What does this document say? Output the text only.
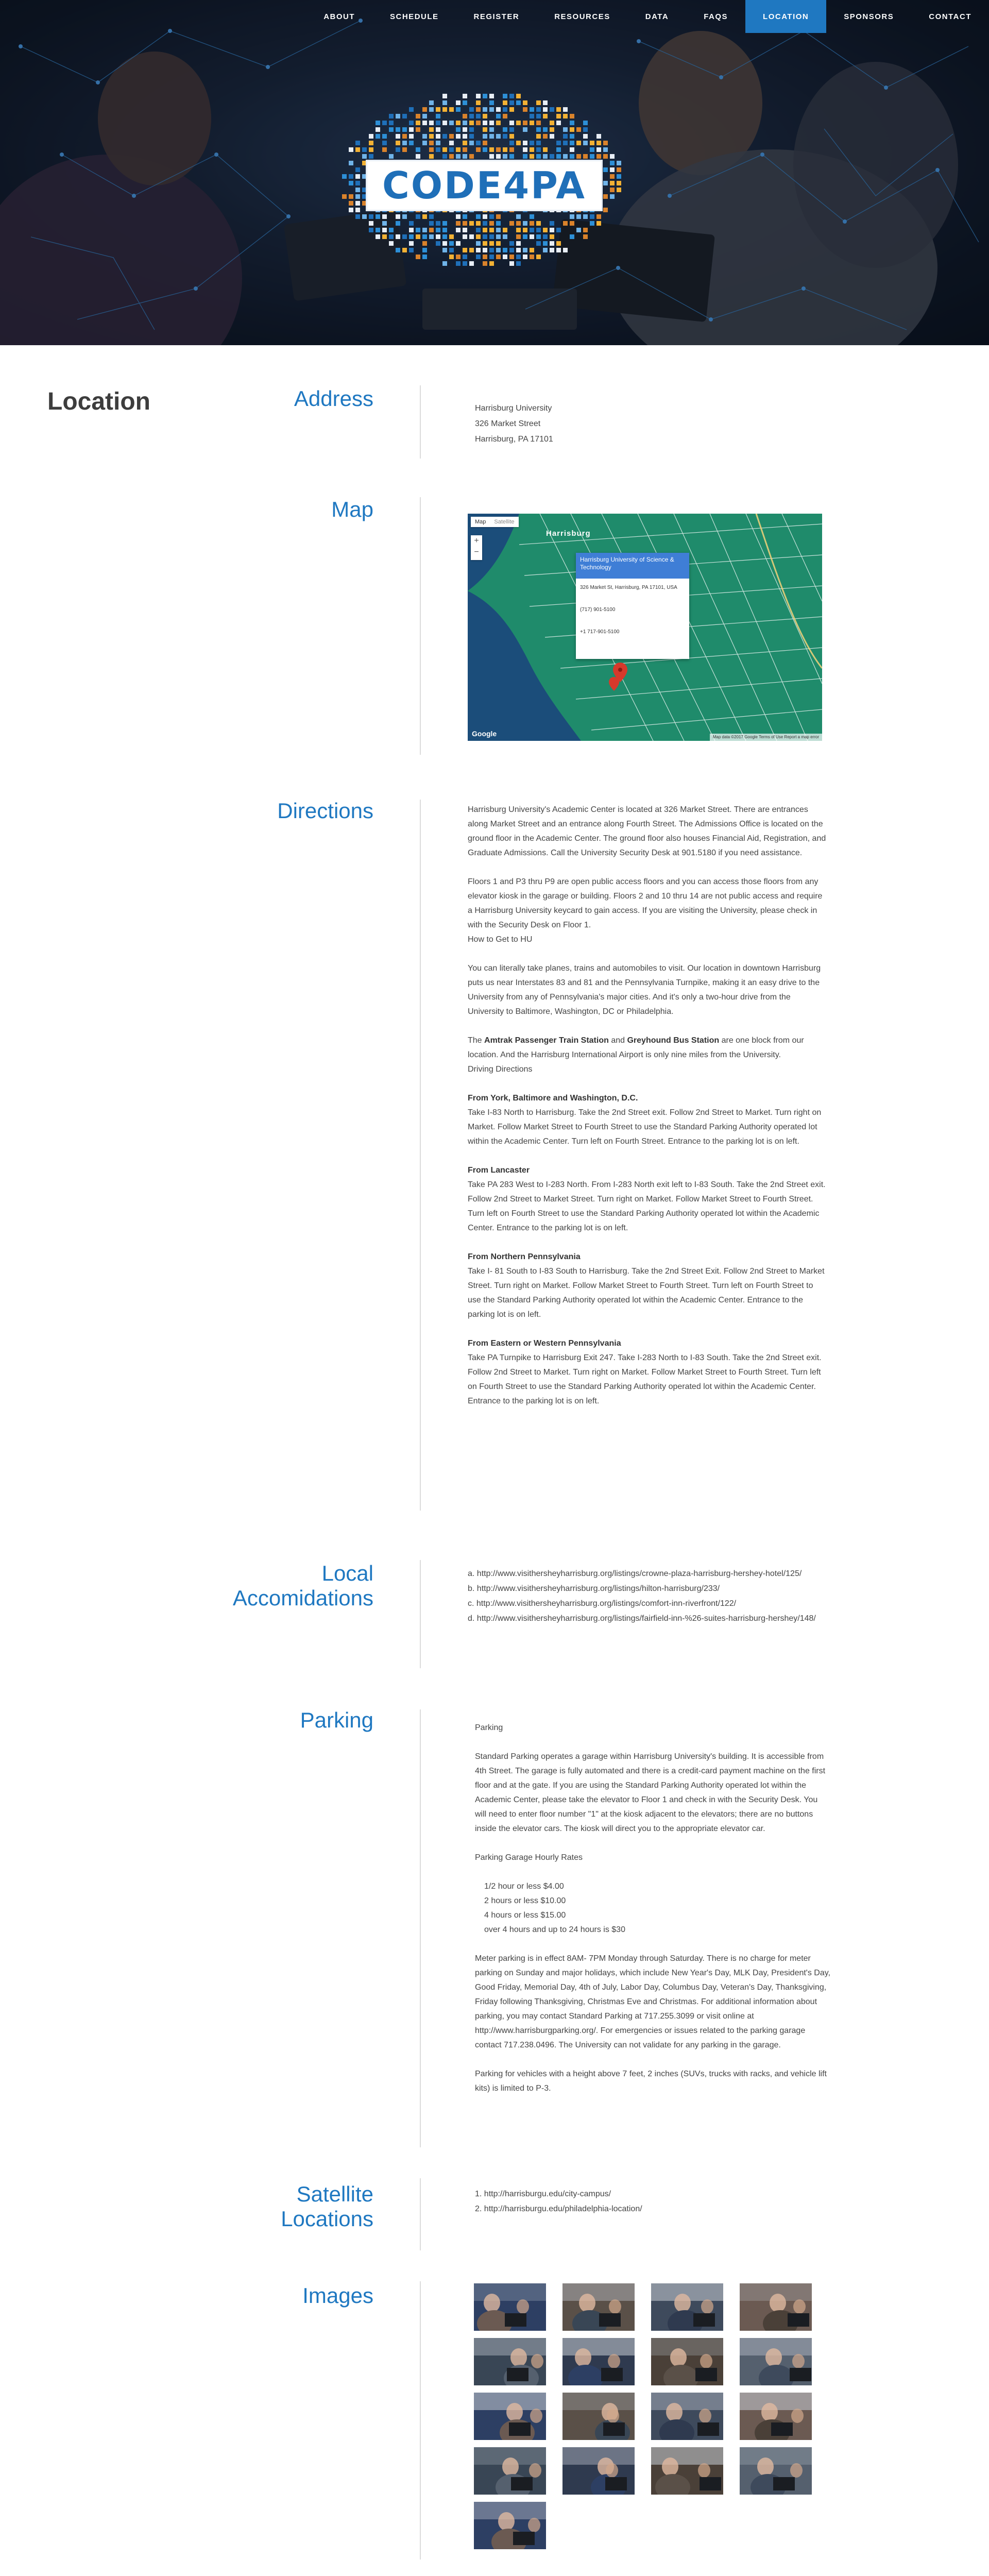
CODE4PA
ABOUT	SCHEDULE	REGISTER	RESOURCES	DATA	FAQS	LOCATION	SPONSORS	CONTACT
Location	Address	Harrisburg University
326 Market Street
Harrisburg, PA 17101
Map
Harrisburg
Map	Satellite
+
−
Harrisburg University of Science & Technology
326 Market St, Harrisburg, PA 17101, USA
(717) 901-5100
+1 717-901-5100
Google	Map data ©2017 Google Terms of Use Report a map error
Directions	Harrisburg University's Academic Center is located at 326 Market Street. There are entrances along Market Street and an entrance along Fourth Street. The Admissions Office is located on the ground floor in the Academic Center. The ground floor also houses Financial Aid, Registration, and Graduate Admissions. Call the University Security Desk at 901.5180 if you need assistance.

Floors 1 and P3 thru P9 are open public access floors and you can access those floors from any elevator kiosk in the garage or building. Floors 2 and 10 thru 14 are not public access and require a Harrisburg University keycard to gain access. If you are visiting the University, please check in with the Security Desk on Floor 1.
How to Get to HU

You can literally take planes, trains and automobiles to visit. Our location in downtown Harrisburg puts us near Interstates 83 and 81 and the Pennsylvania Turnpike, making it an easy drive to the University from any of Pennsylvania's major cities. And it's only a two-hour drive from the University to Baltimore, Washington, DC or Philadelphia.

The Amtrak Passenger Train Station and Greyhound Bus Station are one block from our location. And the Harrisburg International Airport is only nine miles from the University.
Driving Directions

From York, Baltimore and Washington, D.C.
Take I-83 North to Harrisburg. Take the 2nd Street exit. Follow 2nd Street to Market. Turn right on Market. Follow Market Street to Fourth Street to use the Standard Parking Authority operated lot within the Academic Center. Turn left on Fourth Street. Entrance to the parking lot is on left.

From Lancaster
Take PA 283 West to I-283 North. From I-283 North exit left to I-83 South. Take the 2nd Street exit. Follow 2nd Street to Market Street. Turn right on Market. Follow Market Street to Fourth Street. Turn left on Fourth Street to use the Standard Parking Authority operated lot within the Academic Center. Entrance to the parking lot is on left.

From Northern Pennsylvania
Take I- 81 South to I-83 South to Harrisburg. Take the 2nd Street Exit. Follow 2nd Street to Market Street. Turn right on Market. Follow Market Street to Fourth Street. Turn left on Fourth Street to use the Standard Parking Authority operated lot within the Academic Center. Entrance to the parking lot is on left.

From Eastern or Western Pennsylvania
Take PA Turnpike to Harrisburg Exit 247. Take I-283 North to I-83 South. Take the 2nd Street exit. Follow 2nd Street to Market. Turn right on Market. Follow Market Street to Fourth Street. Turn left on Fourth Street to use the Standard Parking Authority operated lot within the Academic Center. Entrance to the parking lot is on left.

Local
Accomidations
a. http://www.visithersheyharrisburg.org/listings/crowne-plaza-harrisburg-hershey-hotel/125/
b. http://www.visithersheyharrisburg.org/listings/hilton-harrisburg/233/
c. http://www.visithersheyharrisburg.org/listings/comfort-inn-riverfront/122/
d. http://www.visithersheyharrisburg.org/listings/fairfield-inn-%26-suites-harrisburg-hershey/148/
Parking	Parking

Standard Parking operates a garage within Harrisburg University's building. It is accessible from 4th Street. The garage is fully automated and there is a credit-card payment machine on the first floor and at the gate. If you are using the Standard Parking Authority operated lot within the Academic Center, please take the elevator to Floor 1 and check in with the Security Desk. You will need to enter floor number "1" at the kiosk adjacent to the elevators; there are no buttons inside the elevator cars. The kiosk will direct you to the appropriate elevator car.

Parking Garage Hourly Rates

1/2 hour or less $4.00
2 hours or less $10.00
4 hours or less $15.00
over 4 hours and up to 24 hours is $30

Meter parking is in effect 8AM- 7PM Monday through Saturday. There is no charge for meter parking on Sunday and major holidays, which include New Year's Day, MLK Day, President's Day, Good Friday, Memorial Day, 4th of July, Labor Day, Columbus Day, Veteran's Day, Thanksgiving, Friday following Thanksgiving, Christmas Eve and Christmas. For additional information about parking, you may contact Standard Parking at 717.255.3099 or visit online at http://www.harrisburgparking.org/. For emergencies or issues related to the parking garage contact 717.238.0496. The University can not validate for any parking in the garage.

Parking for vehicles with a height above 7 feet, 2 inches (SUVs, trucks with racks, and vehicle lift kits) is limited to P-3.

Satellite
Locations
1. http://harrisburgu.edu/city-campus/
2. http://harrisburgu.edu/philadelphia-location/
Images
